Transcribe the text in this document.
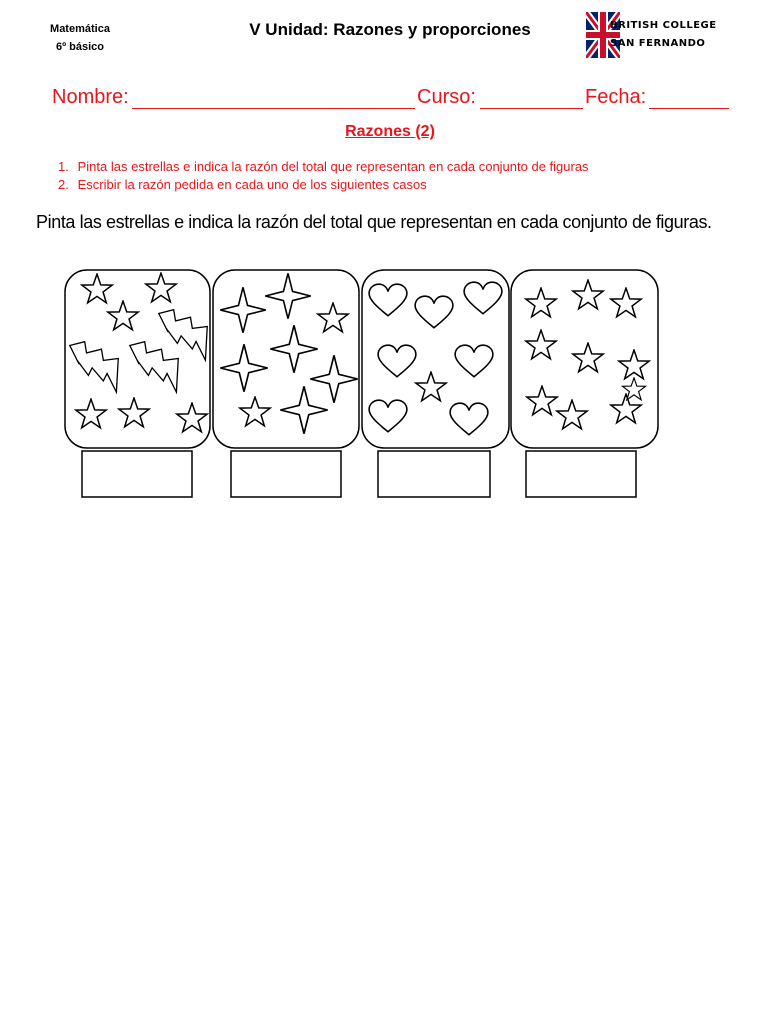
Matemática
6º básico
V Unidad: Razones y proporciones	BRITISH COLLEGE
SAN FERNANDO
Nombre:	Curso:	Fecha:
Razones (2)
1. Pinta las estrellas e indica la razón del total que representan en cada conjunto de figuras
2. Escribir la razón pedida en cada uno de los siguientes casos
Pinta las estrellas e indica la razón del total que representan en cada conjunto de figuras.
